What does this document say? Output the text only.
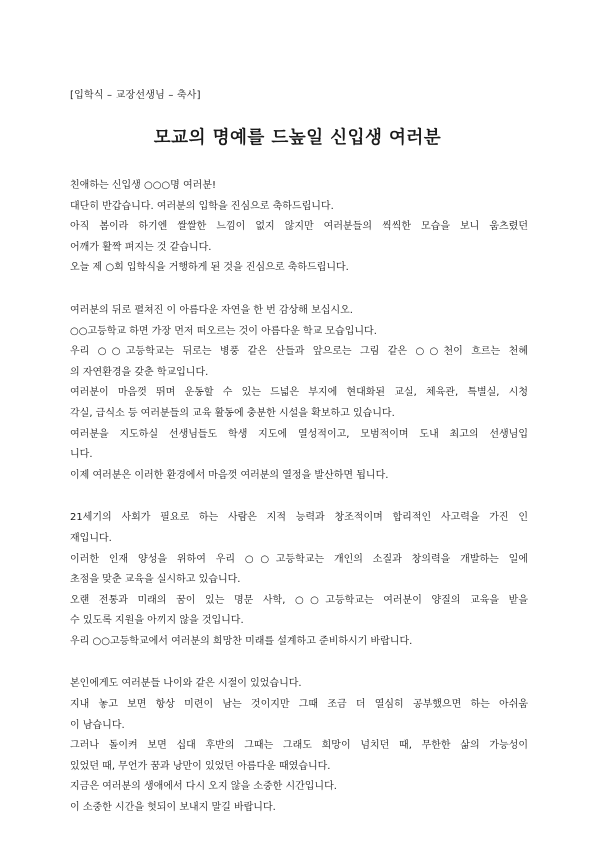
[입학식 – 교장선생님 – 축사]
모교의 명예를 드높일 신입생 여러분
친애하는 신입생 ○○○명 여러분!
대단히 반갑습니다. 여러분의 입학을 진심으로 축하드립니다.
아직 봄이라 하기엔 쌀쌀한 느낌이 없지 않지만 여러분들의 씩씩한 모습을 보니 움츠렸던
어깨가 활짝 펴지는 것 같습니다.
오늘 제 ○회 입학식을 거행하게 된 것을 진심으로 축하드립니다.
여러분의 뒤로 펼쳐진 이 아름다운 자연을 한 번 감상해 보십시오.
○○고등학교 하면 가장 먼저 떠오르는 것이 아름다운 학교 모습입니다.
우리 ○○고등학교는 뒤로는 병풍 같은 산들과 앞으로는 그림 같은 ○○천이 흐르는 천혜
의 자연환경을 갖춘 학교입니다.
여러분이 마음껏 뛰며 운동할 수 있는 드넓은 부지에 현대화된 교실, 체육관, 특별실, 시청
각실, 급식소 등 여러분들의 교육 활동에 충분한 시설을 확보하고 있습니다.
여러분을 지도하실 선생님들도 학생 지도에 열성적이고, 모범적이며 도내 최고의 선생님입
니다.
이제 여러분은 이러한 환경에서 마음껏 여러분의 열정을 발산하면 됩니다.
21세기의 사회가 필요로 하는 사람은 지적 능력과 창조적이며 합리적인 사고력을 가진 인
재입니다.
이러한 인재 양성을 위하여 우리 ○○고등학교는 개인의 소질과 창의력을 개발하는 일에
초점을 맞춘 교육을 실시하고 있습니다.
오랜 전통과 미래의 꿈이 있는 명문 사학, ○○고등학교는 여러분이 양질의 교육을 받을
수 있도록 지원을 아끼지 않을 것입니다.
우리 ○○고등학교에서 여러분의 희망찬 미래를 설계하고 준비하시기 바랍니다.
본인에게도 여러분들 나이와 같은 시절이 있었습니다.
지내 놓고 보면 항상 미련이 남는 것이지만 그때 조금 더 열심히 공부했으면 하는 아쉬움
이 남습니다.
그러나 돌이켜 보면 십대 후반의 그때는 그래도 희망이 넘치던 때, 무한한 삶의 가능성이
있었던 때, 무언가 꿈과 낭만이 있었던 아름다운 때였습니다.
지금은 여러분의 생애에서 다시 오지 않을 소중한 시간입니다.
이 소중한 시간을 헛되이 보내지 말길 바랍니다.
